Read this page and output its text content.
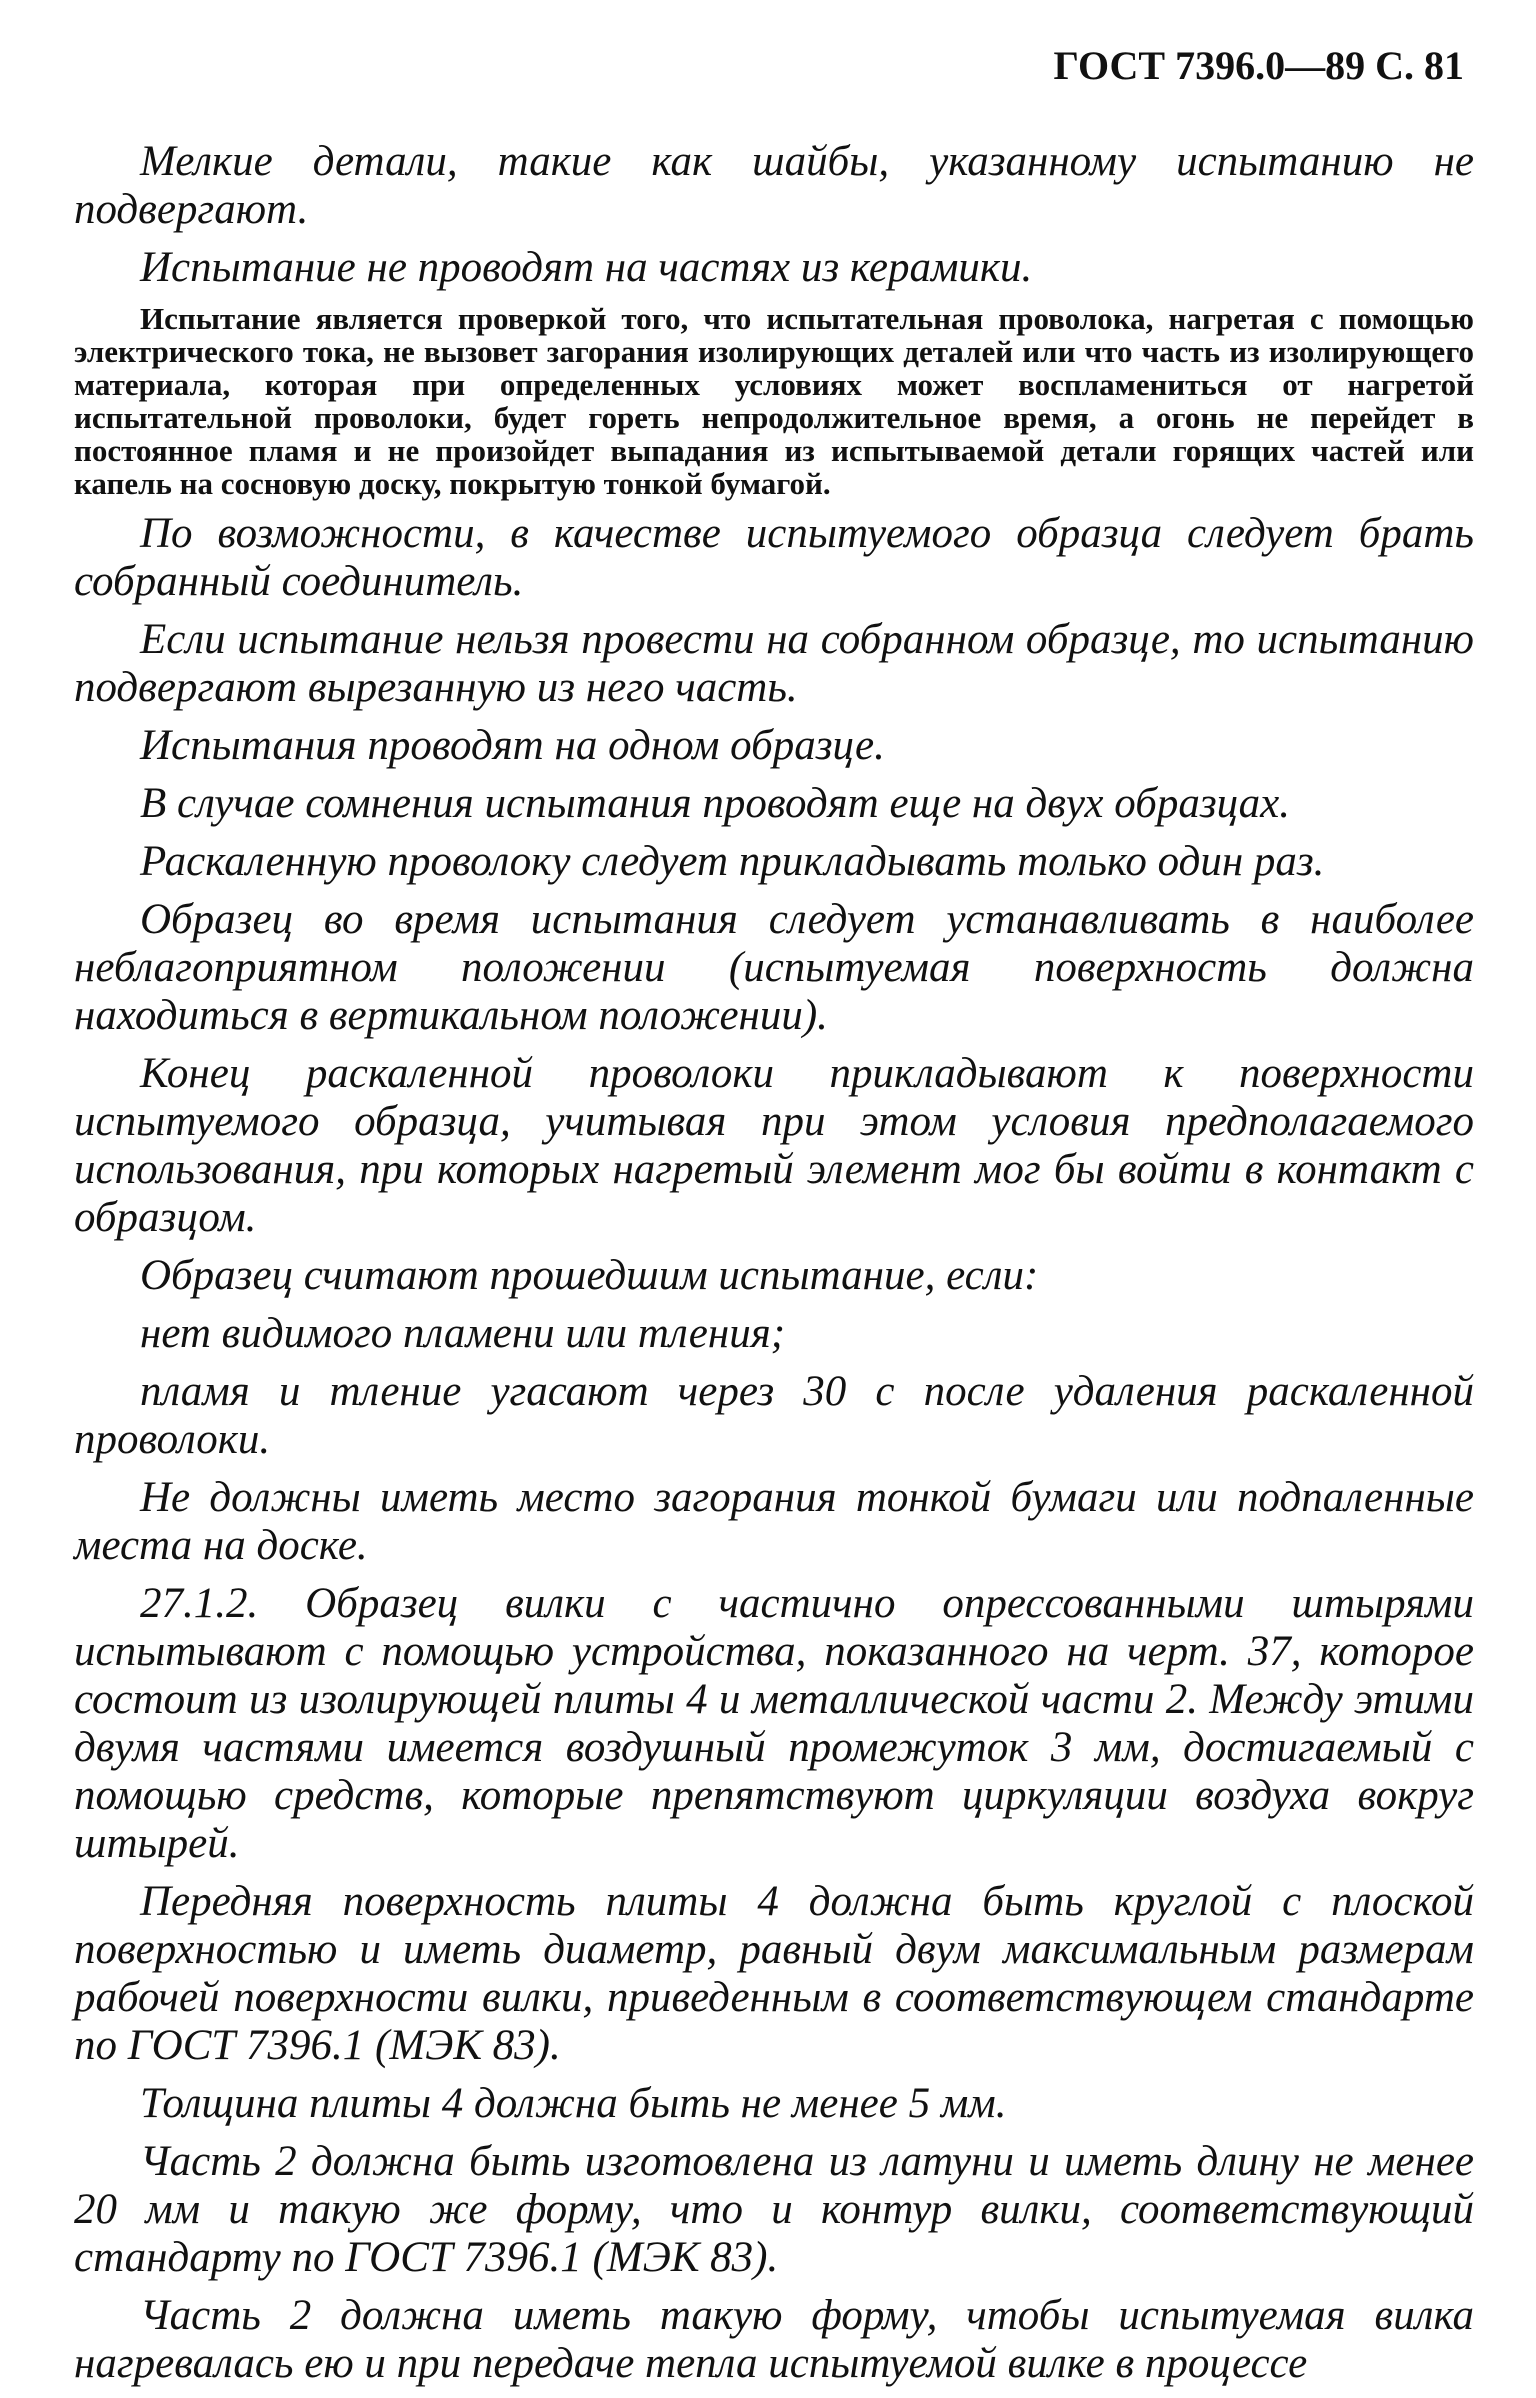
ГОСТ 7396.0—89 С. 81

Мелкие детали, такие как шайбы, указанному испытанию не подвергают.

Испытание не проводят на частях из керамики.

Испытание является проверкой того, что испытательная проволока, нагретая с помощью электрического тока, не вызовет загорания изолирующих деталей или что часть из изолирующего материала, которая при определенных условиях может воспламениться от нагретой испытательной проволоки, будет гореть непродолжительное время, а огонь не перейдет в постоянное пламя и не произойдет выпадания из испытываемой детали горящих частей или капель на сосновую доску, покрытую тонкой бумагой.

По возможности, в качестве испытуемого образца следует брать собранный соединитель.

Если испытание нельзя провести на собранном образце, то испытанию подвергают вырезанную из него часть.

Испытания проводят на одном образце.

В случае сомнения испытания проводят еще на двух образцах.

Раскаленную проволоку следует прикладывать только один раз.

Образец во время испытания следует устанавливать в наиболее неблагоприятном положении (испытуемая поверхность должна находиться в вертикальном положении).

Конец раскаленной проволоки прикладывают к поверхности испытуемого образца, учитывая при этом условия предполагаемого использования, при которых нагретый элемент мог бы войти в контакт с образцом.

Образец считают прошедшим испытание, если:

нет видимого пламени или тления;

пламя и тление угасают через 30 с после удаления раскаленной проволоки.

Не должны иметь место загорания тонкой бумаги или подпаленные места на доске.

27.1.2. Образец вилки с частично опрессованными штырями испытывают с помощью устройства, показанного на черт. 37, которое состоит из изолирующей плиты 4 и металлической части 2. Между этими двумя частями имеется воздушный промежуток 3 мм, достигаемый с помощью средств, которые препятствуют циркуляции воздуха вокруг штырей.

Передняя поверхность плиты 4 должна быть круглой с плоской поверхностью и иметь диаметр, равный двум максимальным размерам рабочей поверхности вилки, приведенным в соответствующем стандарте по ГОСТ 7396.1 (МЭК 83).

Толщина плиты 4 должна быть не менее 5 мм.

Часть 2 должна быть изготовлена из латуни и иметь длину не менее 20 мм и такую же форму, что и контур вилки, соответствующий стандарту по ГОСТ 7396.1 (МЭК 83).

Часть 2 должна иметь такую форму, чтобы испытуемая вилка нагревалась ею и при передаче тепла испытуемой вилке в процессе
